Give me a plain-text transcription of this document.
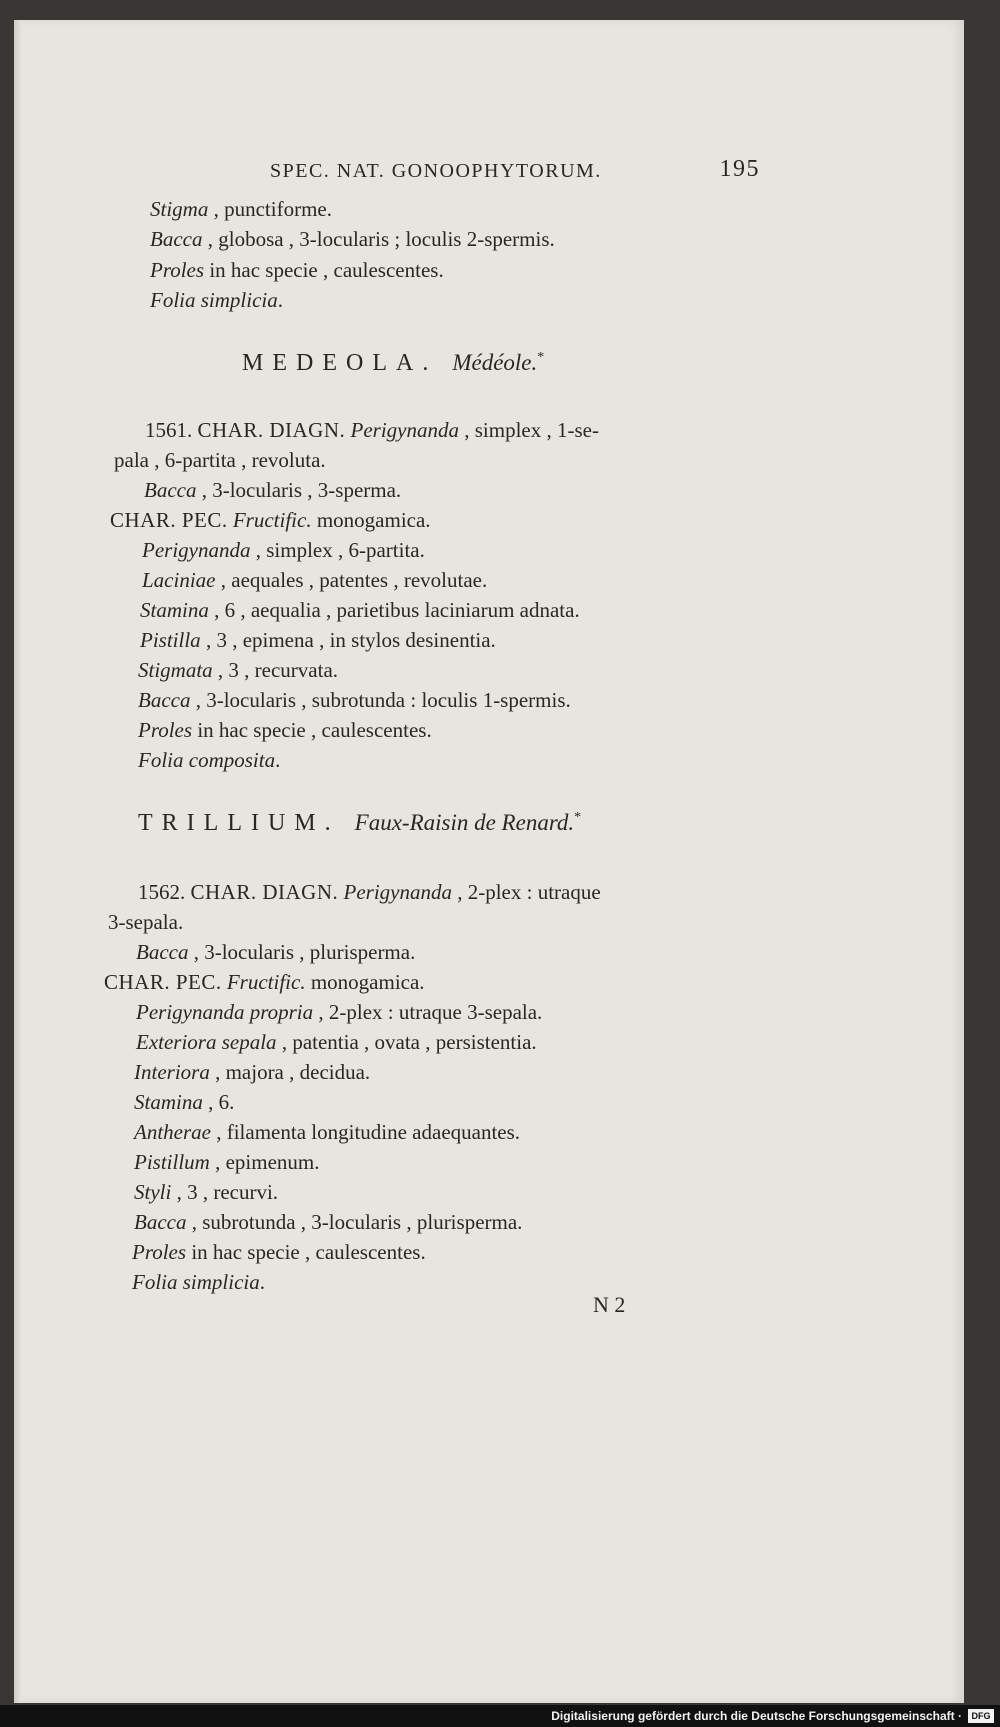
SPEC. NAT. GONOOPHYTORUM.	195
Stigma , punctiforme.
Bacca , globosa , 3-locularis ; loculis 2-spermis.
Proles in hac specie , caulescentes.
Folia simplicia.
MEDEOLA. Médéole.*
1561. CHAR. DIAGN. Perigynanda , simplex , 1-se-
pala , 6-partita , revoluta.
Bacca , 3-locularis , 3-sperma.
CHAR. PEC. Fructific. monogamica.
Perigynanda , simplex , 6-partita.
Laciniae , aequales , patentes , revolutae.
Stamina , 6 , aequalia , parietibus laciniarum adnata.
Pistilla , 3 , epimena , in stylos desinentia.
Stigmata , 3 , recurvata.
Bacca , 3-locularis , subrotunda : loculis 1-spermis.
Proles in hac specie , caulescentes.
Folia composita.
TRILLIUM. Faux-Raisin de Renard.*
1562. CHAR. DIAGN. Perigynanda , 2-plex : utraque
3-sepala.
Bacca , 3-locularis , plurisperma.
CHAR. PEC. Fructific. monogamica.
Perigynanda propria , 2-plex : utraque 3-sepala.
Exteriora sepala , patentia , ovata , persistentia.
Interiora , majora , decidua.
Stamina , 6.
Antherae , filamenta longitudine adaequantes.
Pistillum , epimenum.
Styli , 3 , recurvi.
Bacca , subrotunda , 3-locularis , plurisperma.
Proles in hac specie , caulescentes.
Folia simplicia.
N 2
Digitalisierung gefördert durch die Deutsche Forschungsgemeinschaft ·	DFG
